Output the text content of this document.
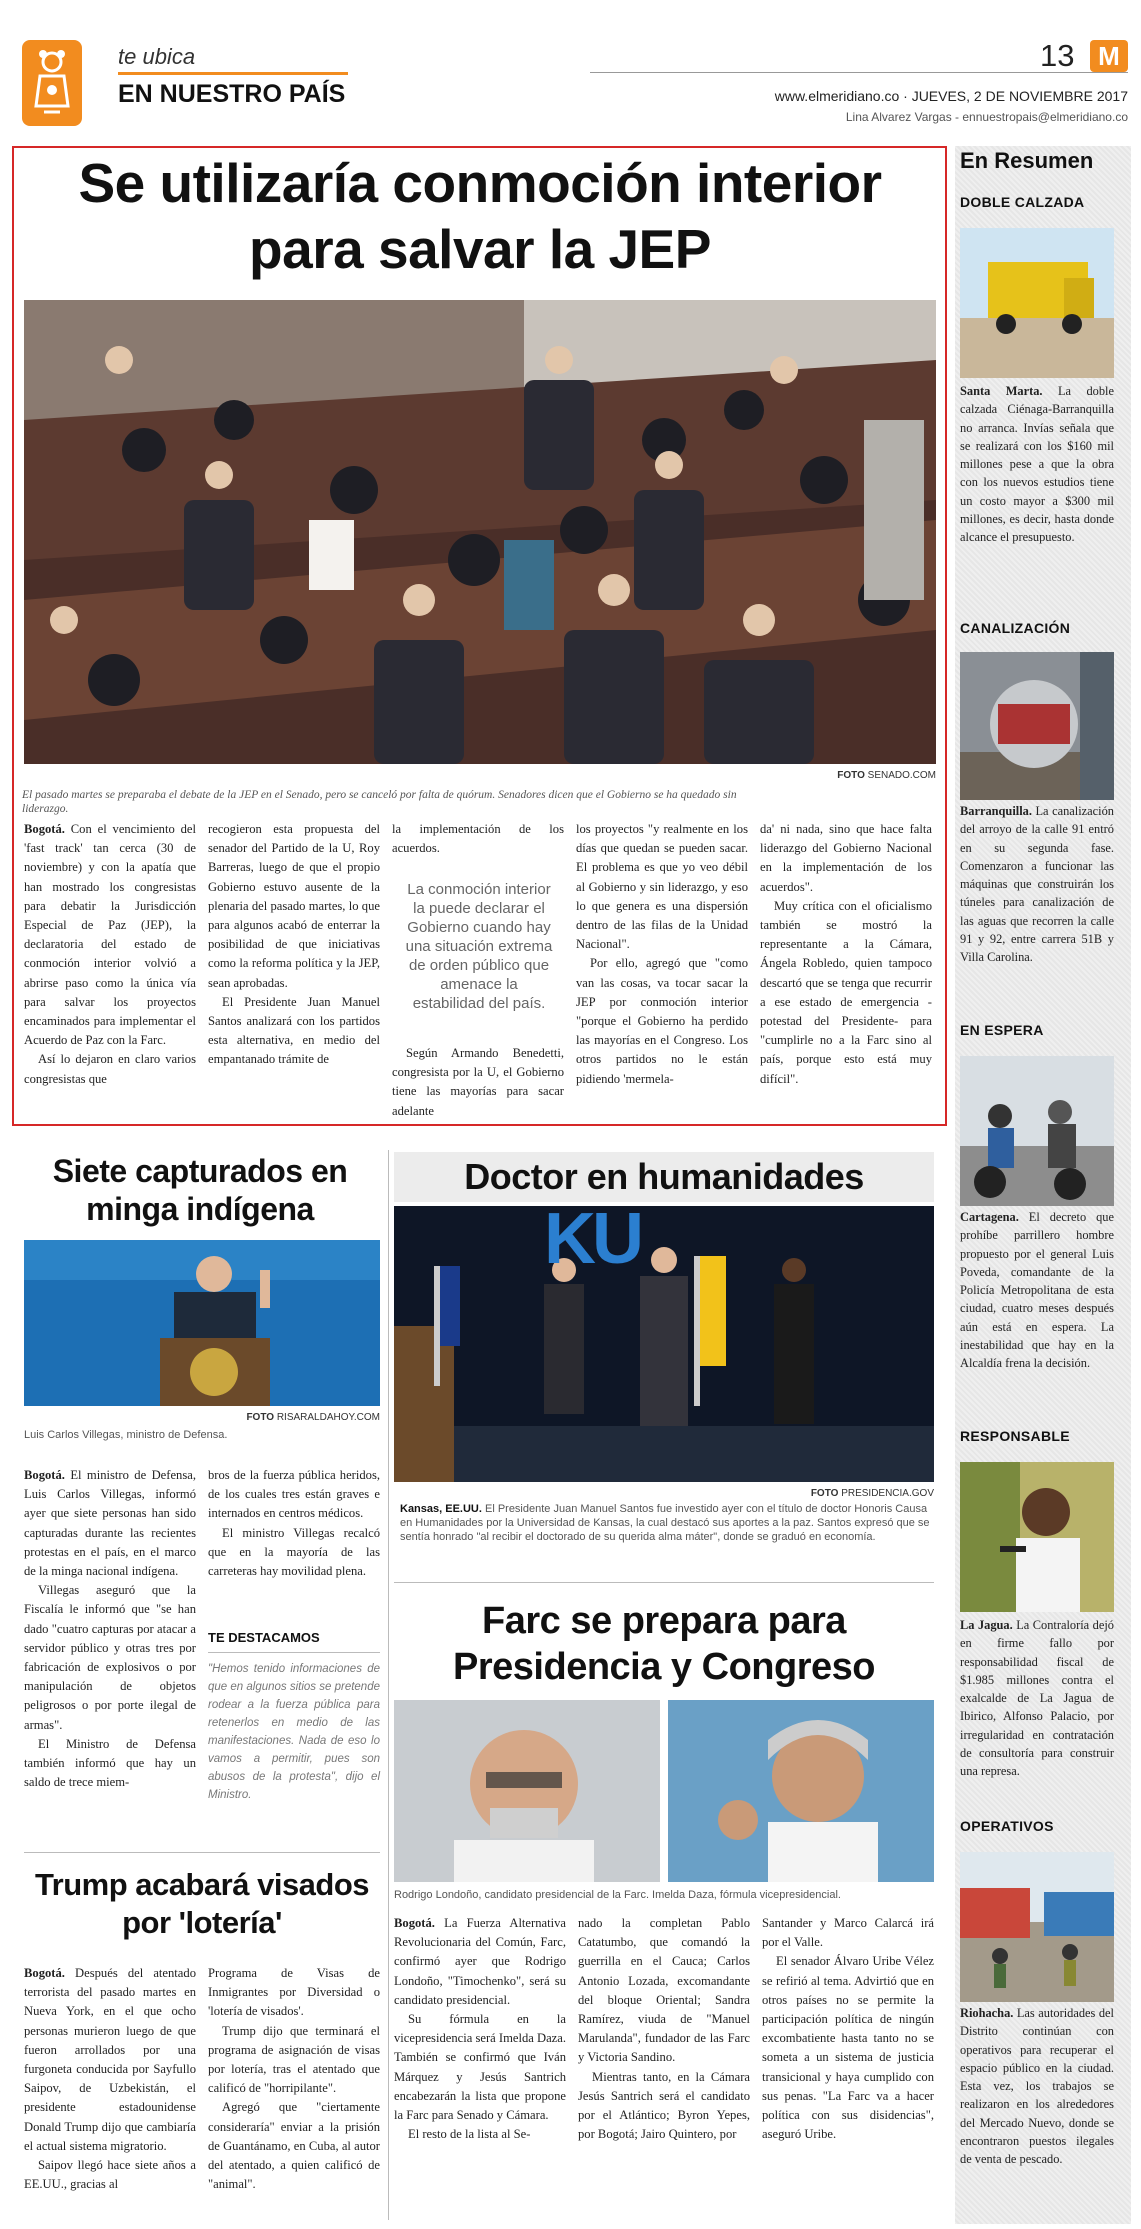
te ubica
EN NUESTRO PAÍS
13 M
www.elmeridiano.co · JUEVES, 2 DE NOVIEMBRE 2017
Lina Alvarez Vargas - ennuestropais@elmeridiano.co
Se utilizaría conmoción interior para salvar la JEP
El pasado martes se preparaba el debate de la JEP en el Senado, pero se canceló por falta de quórum. Senadores dicen que el Gobierno se ha quedado sin liderazgo.
FOTO SENADO.COM

Bogotá. Con el vencimiento del 'fast track' tan cerca (30 de noviembre) y con la apatía que han mostrado los congresistas para debatir la Jurisdicción Especial de Paz (JEP), la declaratoria del estado de conmoción interior volvió a abrirse paso como la única vía para salvar los proyectos encaminados para implementar el Acuerdo de Paz con la Farc.

Así lo dejaron en claro varios congresistas que

recogieron esta propuesta del senador del Partido de la U, Roy Barreras, luego de que el propio Gobierno estuvo ausente de la plenaria del pasado martes, lo que para algunos acabó de enterrar la posibilidad de que iniciativas como la reforma política y la JEP, sean aprobadas.

El Presidente Juan Manuel Santos analizará con los partidos esta alternativa, en medio del empantanado trámite de

la implementación de los acuerdos.

La conmoción interior la puede declarar el Gobierno cuando hay una situación extrema de orden público que amenace la estabilidad del país.

Según Armando Benedetti, congresista por la U, el Gobierno tiene las mayorías para sacar adelante

los proyectos "y realmente en los días que quedan se pueden sacar. El problema es que yo veo débil al Gobierno y sin liderazgo, y eso lo que genera es una dispersión dentro de las filas de la Unidad Nacional".

Por ello, agregó que "como van las cosas, va tocar sacar la JEP por conmoción interior "porque el Gobierno ha perdido las mayorías en el Congreso. Los otros partidos no le están pidiendo 'mermela-

da' ni nada, sino que hace falta liderazgo del Gobierno Nacional en la implementación de los acuerdos".

Muy crítica con el oficialismo también se mostró la representante a la Cámara, Ángela Robledo, quien tampoco descartó que se tenga que recurrir a ese estado de emergencia -potestad del Presidente- para "cumplirle no a la Farc sino al país, porque esto está muy difícil".

En Resumen
DOBLE CALZADA
Santa Marta. La doble calzada Ciénaga-Barranquilla no arranca. Invías señala que se realizará con los $160 mil millones pese a que la obra con los nuevos estudios tiene un costo mayor a $300 mil millones, es decir, hasta donde alcance el presupuesto.
CANALIZACIÓN
Barranquilla. La canalización del arroyo de la calle 91 entró en su segunda fase. Comenzaron a funcionar las máquinas que construirán los túneles para canalización de las aguas que recorren la calle 91 y 92, entre carrera 51B y Villa Carolina.
EN ESPERA
Cartagena. El decreto que prohíbe parrillero hombre propuesto por el general Luis Poveda, comandante de la Policía Metropolitana de esta ciudad, cuatro meses después aún está en espera. La inestabilidad que hay en la Alcaldía frena la decisión.
RESPONSABLE
La Jagua. La Contraloría dejó en firme fallo por responsabilidad fiscal de $1.985 millones contra el exalcalde de La Jagua de Ibirico, Alfonso Palacio, por irregularidad en contratación de consultoría para construir una represa.
OPERATIVOS
Riohacha. Las autoridades del Distrito continúan con operativos para recuperar el espacio público en la ciudad. Esta vez, los trabajos se realizaron en los alrededores del Mercado Nuevo, donde se encontraron puestos ilegales de venta de pescado.
Siete capturados en minga indígena
FOTO RISARALDAHOY.COM
Luis Carlos Villegas, ministro de Defensa.

Bogotá. El ministro de Defensa, Luis Carlos Villegas, informó ayer que siete personas han sido capturadas durante las recientes protestas en el país, en el marco de la minga nacional indígena.

Villegas aseguró que la Fiscalía le informó que "se han dado "cuatro capturas por atacar a servidor público y otras tres por fabricación de explosivos o por manipulación de objetos peligrosos o por porte ilegal de armas".

El Ministro de Defensa también informó que hay un saldo de trece miem-

bros de la fuerza pública heridos, de los cuales tres están graves e internados en centros médicos.

El ministro Villegas recalcó que en la mayoría de las carreteras hay movilidad plena.

TE DESTACAMOS
"Hemos tenido informaciones de que en algunos sitios se pretende rodear a la fuerza pública para retenerlos en medio de las manifestaciones. Nada de eso lo vamos a permitir, pues son abusos de la protesta", dijo el Ministro.
Doctor en humanidades
KU
FOTO PRESIDENCIA.GOV
Kansas, EE.UU. El Presidente Juan Manuel Santos fue investido ayer con el título de doctor Honoris Causa en Humanidades por la Universidad de Kansas, la cual destacó sus aportes a la paz. Santos expresó que se sentía honrado "al recibir el doctorado de su querida alma máter", donde se graduó en economía.
Farc se prepara para Presidencia y Congreso
Rodrigo Londoño, candidato presidencial de la Farc. Imelda Daza, fórmula vicepresidencial.

Bogotá. La Fuerza Alternativa Revolucionaria del Común, Farc, confirmó ayer que Rodrigo Londoño, "Timochenko", será su candidato presidencial.

Su fórmula en la vicepresidencia será Imelda Daza. También se confirmó que Iván Márquez y Jesús Santrich encabezarán la lista que propone la Farc para Senado y Cámara.

El resto de la lista al Se-

nado la completan Pablo Catatumbo, que comandó la guerrilla en el Cauca; Carlos Antonio Lozada, excomandante del bloque Oriental; Sandra Ramírez, viuda de "Manuel Marulanda", fundador de las Farc y Victoria Sandino.

Mientras tanto, en la Cámara Jesús Santrich será el candidato por el Atlántico; Byron Yepes, por Bogotá; Jairo Quintero, por

Santander y Marco Calarcá irá por el Valle.

El senador Álvaro Uribe Vélez se refirió al tema. Advirtió que en otros países no se permite la participación política de ningún excombatiente hasta tanto no se someta a un sistema de justicia transicional y haya cumplido con sus penas. "La Farc va a hacer política con sus disidencias", aseguró Uribe.

Trump acabará visados por 'lotería'

Bogotá. Después del atentado terrorista del pasado martes en Nueva York, en el que ocho personas murieron luego de que fueron arrollados por una furgoneta conducida por Sayfullo Saipov, de Uzbekistán, el presidente estadounidense Donald Trump dijo que cambiaría el actual sistema migratorio.

Saipov llegó hace siete años a EE.UU., gracias al

Programa de Visas de Inmigrantes por Diversidad o 'lotería de visados'.

Trump dijo que terminará el programa de asignación de visas por lotería, tras el atentado que calificó de "horripilante".

Agregó que "ciertamente consideraría" enviar a la prisión de Guantánamo, en Cuba, al autor del atentado, a quien calificó de "animal".
